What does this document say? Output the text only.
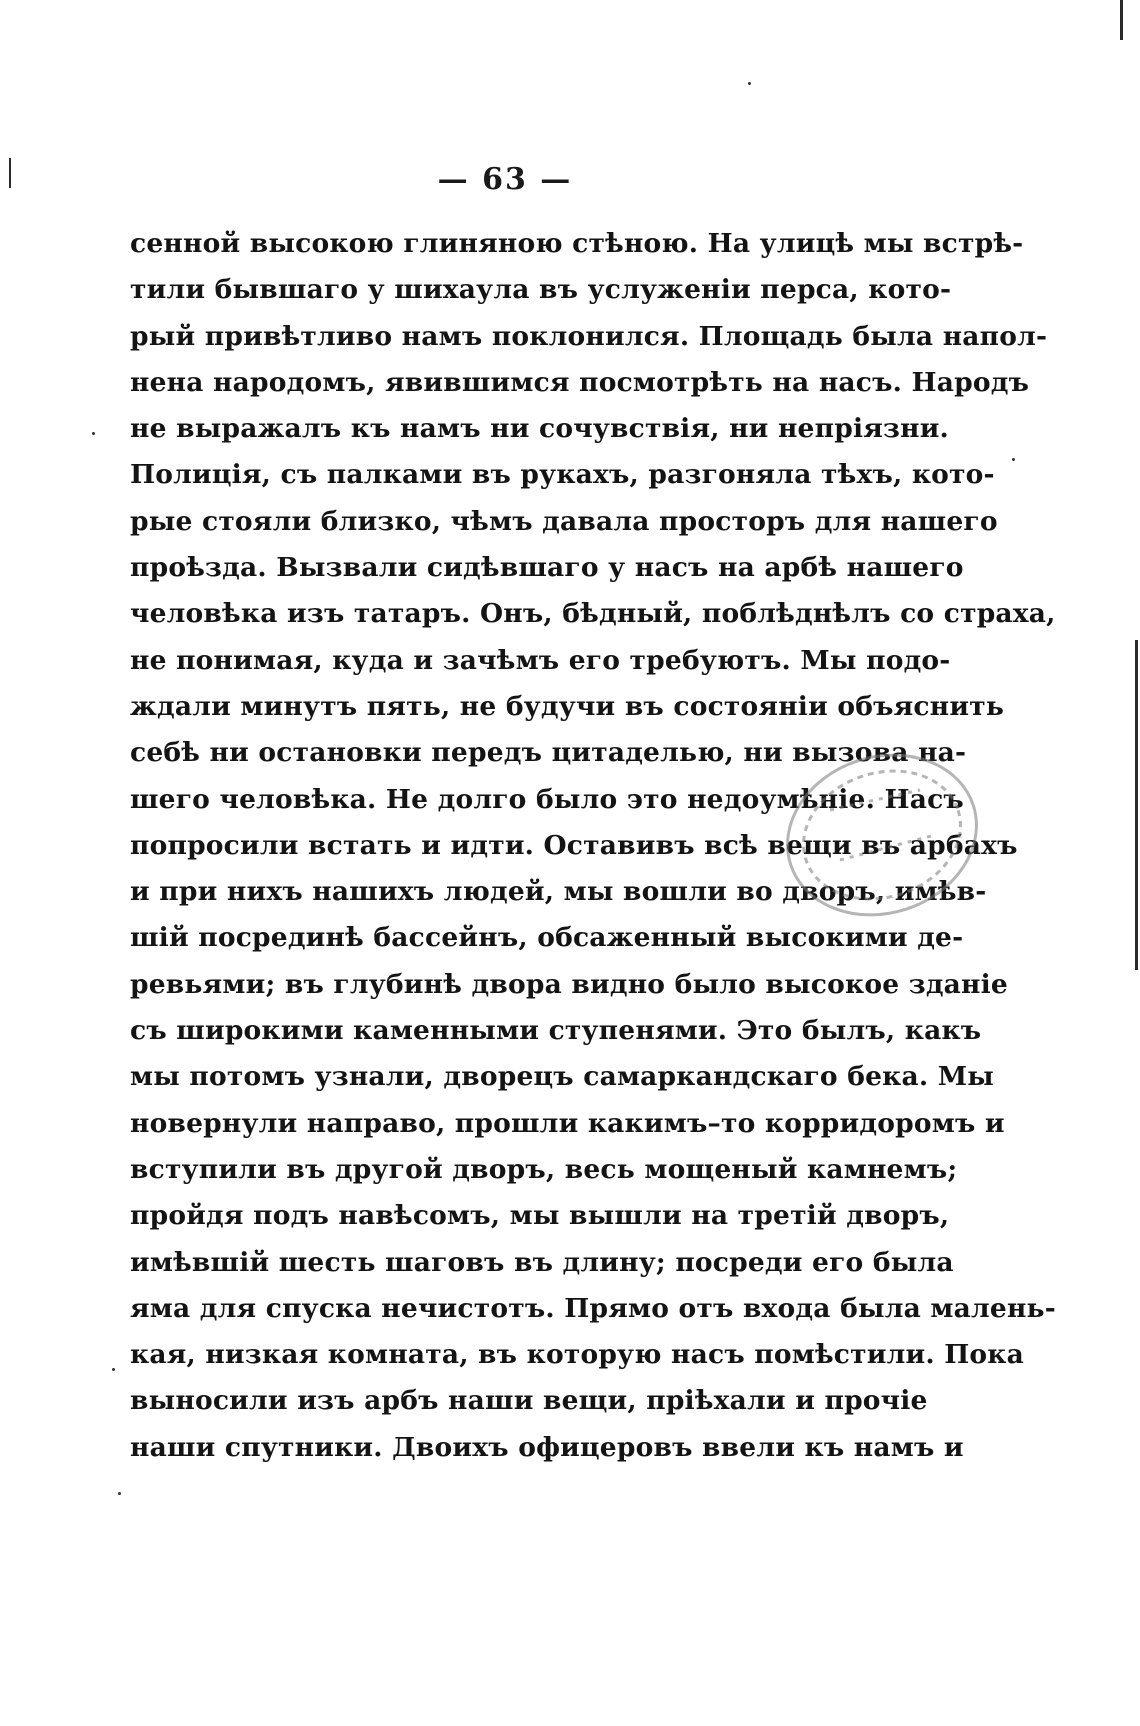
— 63 —
сенной высокою глиняною стѣною. На улицѣ мы встрѣ-
тили бывшаго у шихаула въ услуженіи перса, кото-
рый привѣтливо намъ поклонился. Площадь была напол-
нена народомъ, явившимся посмотрѣть на насъ. Народъ
не выражалъ къ намъ ни сочувствія, ни непріязни.
Полиція, съ палками въ рукахъ, разгоняла тѣхъ, кото-
рые стояли близко, чѣмъ давала просторъ для нашего
проѣзда. Вызвали сидѣвшаго у насъ на арбѣ нашего
человѣка изъ татаръ. Онъ, бѣдный, поблѣднѣлъ со страха,
не понимая, куда и зачѣмъ его требуютъ. Мы подо-
ждали минутъ пять, не будучи въ состояніи объяснить
себѣ ни остановки передъ цитаделью, ни вызова на-
шего человѣка. Не долго было это недоумѣніе. Насъ
попросили встать и идти. Оставивъ всѣ вещи въ арбахъ
и при нихъ нашихъ людей, мы вошли во дворъ, имѣв-
шій посрединѣ бассейнъ, обсаженный высокими де-
ревьями; въ глубинѣ двора видно было высокое зданіе
съ широкими каменными ступенями. Это былъ, какъ
мы потомъ узнали, дворецъ самаркандскаго бека. Мы
новернули направо, прошли какимъ–то корридоромъ и
вступили въ другой дворъ, весь мощеный камнемъ;
пройдя подъ навѣсомъ, мы вышли на третій дворъ,
имѣвшій шесть шаговъ въ длину; посреди его была
яма для спуска нечистотъ. Прямо отъ входа была малень-
кая, низкая комната, въ которую насъ помѣстили. Пока
выносили изъ арбъ наши вещи, пріѣхали и прочіе
наши спутники. Двоихъ офицеровъ ввели къ намъ и
